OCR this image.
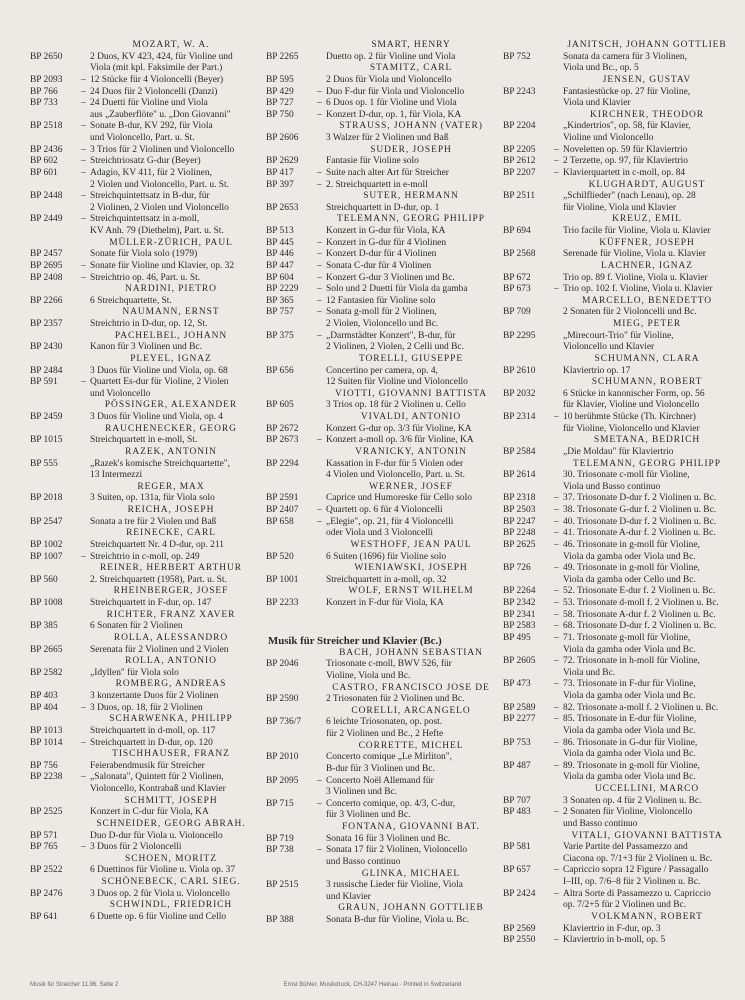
MOZART, W. A.
BP 2650	2 Duos, KV 423, 424, für Violine und
Viola (mit kpl. Faksimile der Part.)
BP 2093 – 12 Stücke für 4 Violoncelli (Beyer)
BP 766 – 24 Duos für 2 Violoncelli (Danzi)
BP 733 – 24 Duetti für Violine und Viola
aus „Zauberflöte" u. „Don Giovanni"
BP 2518 – Sonate B-dur, KV 292, für Viola
und Violoncello, Part. u. St.
BP 2436 – 3 Trios für 2 Violinen und Violoncello
BP 602 – Streichtriosatz G-dur (Beyer)
BP 601 – Adagio, KV 411, für 2 Violinen,
2 Violen und Violoncello, Part. u. St.
BP 2448 – Streichquintettsatz in B-dur, für
2 Violinen, 2 Violen und Violoncello
BP 2449 – Streichquintettsatz in a-moll,
KV Anh. 79 (Diethelm), Part. u. St.
MÜLLER-ZÜRICH, PAUL
BP 2457	Sonate für Viola solo (1979)
BP 2695 – Sonate für Violine und Klavier, op. 32
BP 2408 – Streichtrio op. 46, Part. u. St.
NARDINI, PIETRO
BP 2266	6 Streichquartette, St.
NAUMANN, ERNST
BP 2357	Streichtrio in D-dur, op. 12, St.
PACHELBEL, JOHANN
BP 2430	Kanon für 3 Violinen und Bc.
PLEYEL, IGNAZ
BP 2484	3 Duos für Violine und Viola, op. 68
BP 591 – Quartett Es-dur für Violine, 2 Violen
und Violoncello
PÖSSINGER, ALEXANDER
BP 2459	3 Duos für Violine und Viola, op. 4
RAUCHENECKER, GEORG
BP 1015	Streichquartett in e-moll, St.
RAZEK, ANTONIN
BP 555	„Razek's komische Streichquartette",
13 Intermezzi
REGER, MAX
BP 2018	3 Suiten, op. 131a, für Viola solo
REICHA, JOSEPH
BP 2547	Sonata a tre für 2 Violen und Baß
REINECKE, CARL
BP 1002	Streichquartett Nr. 4 D-dur, op. 211
BP 1007 – Streichtrio in c-moll, op. 249
REINER, HERBERT ARTHUR
BP 560	2. Streichquartett (1958), Part. u. St.
RHEINBERGER, JOSEF
BP 1008	Streichquartett in F-dur, op. 147
RICHTER, FRANZ XAVER
BP 385	6 Sonaten für 2 Violinen
ROLLA, ALESSANDRO
BP 2665	Serenata für 2 Violinen und 2 Violen
ROLLA, ANTONIO
BP 2582	„Idyllen" für Viola solo
ROMBERG, ANDREAS
BP 403	3 konzertante Duos für 2 Violinen
BP 404 – 3 Duos, op. 18, für 2 Violinen
SCHARWENKA, PHILIPP
BP 1013	Streichquartett in d-moll, op. 117
BP 1014 – Streichquartett in D-dur, op. 120
TISCHHAUSER, FRANZ
BP 756	Feierabendmusik für Streicher
BP 2238 – „Salonata", Quintett für 2 Violinen,
Violoncello, Kontrabaß und Klavier
SCHMITT, JOSEPH
BP 2525	Konzert in C-dur für Viola, KA
SCHNEIDER, GEORG ABRAH.
BP 571	Duo D-dur für Viola u. Violoncello
BP 765 – 3 Duos für 2 Violoncelli
SCHOEN, MORITZ
BP 2522	6 Duettinos für Violine u. Viola op. 37
SCHÖNEBECK, CARL SIEG.
BP 2476	3 Duos op. 2 für Viola u. Violoncello
SCHWINDL, FRIEDRICH
BP 641	6 Duette op. 6 für Violine und Cello
SMART, HENRY
BP 2265	Duetto op. 2 für Violine und Viola
STAMITZ, CARL
BP 595	2 Duos für Viola und Violoncello
BP 429 – Duo F-dur für Viola und Violoncello
BP 727 – 6 Duos op. 1 für Violine und Viola
BP 750 – Konzert D-dur, op. 1, für Viola, KA
STRAUSS, JOHANN (VATER)
BP 2606	3 Walzer für 2 Violinen und Baß
SUDER, JOSEPH
BP 2629	Fantasie für Violine solo
BP 417 – Suite nach alter Art für Streicher
BP 397 – 2. Streichquartett in e-moll
SUTER, HERMANN
BP 2653	Streichquartett in D-dur, op. 1
TELEMANN, GEORG PHILIPP
BP 513	Konzert in G-dur für Viola, KA
BP 445 – Konzert in G-dur für 4 Violinen
BP 446 – Konzert D-dur für 4 Violinen
BP 447 – Sonata C-dur für 4 Violinen
BP 604 – Konzert G-dur 3 Violinen und Bc.
BP 2229 – Solo und 2 Duetti für Viola da gamba
BP 365 – 12 Fantasien für Violine solo
BP 757 – Sonata g-moll für 2 Violinen,
2 Violen, Violoncello und Bc.
BP 375 – „Darmstädter Konzert", B-dur, für
2 Violinen, 2 Violen, 2 Celli und Bc.
TORELLI, GIUSEPPE
BP 656	Concertino per camera, op. 4,
12 Suiten für Violine und Violoncello
VIOTTI, GIOVANNI BATTISTA
BP 605	3 Trios op. 18 für 2 Violinen u. Cello
VIVALDI, ANTONIO
BP 2672	Konzert G-dur op. 3/3 für Violine, KA
BP 2673 – Konzert a-moll op. 3/6 für Violine, KA
VRANICKY, ANTONIN
BP 2294	Kassation in F-dur für 5 Violen oder
4 Violen und Violoncello, Part. u. St.
WERNER, JOSEF
BP 2591	Caprice und Humoreske für Cello solo
BP 2407 – Quartett op. 6 für 4 Violoncelli
BP 658 – „Elegie", op. 21, für 4 Violoncelli
oder Viola und 3 Violoncelli
WESTHOFF, JEAN PAUL
BP 520	6 Suiten (1696) für Violine solo
WIENIAWSKI, JOSEPH
BP 1001	Streichquartett in a-moll, op. 32
WOLF, ERNST WILHELM
BP 2233	Konzert in F-dur für Viola, KA
Musik für Streicher und Klavier (Bc.)
BACH, JOHANN SEBASTIAN
BP 2046	Triosonate c-moll, BWV 526, für
Violine, Viola und Bc.
CASTRO, FRANCISCO JOSE DE
BP 2590	2 Triosonaten für 2 Violinen und Bc.
CORELLI, ARCANGELO
BP 736/7	6 leichte Triosonaten, op. post.
für 2 Violinen und Bc., 2 Hefte
CORRETTE, MICHEL
BP 2010	Concerto comique „Le Mirliton",
B-dur für 3 Violinen und Bc.
BP 2095 – Concerto Noël Allemand für
3 Violinen und Bc.
BP 715 – Concerto comique, op. 4/3, C-dur,
für 3 Violinen und Bc.
FONTANA, GIOVANNI BAT.
BP 719	Sonata 16 für 3 Violinen und Bc.
BP 738 – Sonata 17 für 2 Violinen, Violoncello
und Basso continuo
GLINKA, MICHAEL
BP 2515	3 russische Lieder für Violine, Viola
und Klavier
GRAUN, JOHANN GOTTLIEB
BP 388	Sonata B-dur für Violine, Viola u. Bc.
JANITSCH, JOHANN GOTTLIEB
BP 752	Sonata da camera für 3 Violinen,
Viola und Bc., op. 5
JENSEN, GUSTAV
BP 2243	Fantasiestücke op. 27 für Violine,
Viola und Klavier
KIRCHNER, THEODOR
BP 2204	„Kindertrios", op. 58, für Klavier,
Violine und Violoncello
BP 2205 – Noveletten op. 59 für Klaviertrio
BP 2612 – 2 Terzette, op. 97, für Klaviertrio
BP 2207 – Klavierquartett in c-moll, op. 84
KLUGHARDT, AUGUST
BP 2511	„Schilflieder" (nach Lenau), op. 28
für Violine, Viola und Klavier
KREUZ, EMIL
BP 694	Trio facile für Violine, Viola u. Klavier
KÜFFNER, JOSEPH
BP 2568	Serenade für Violine, Viola u. Klavier
LACHNER, IGNAZ
BP 672	Trio op. 89 f. Violine, Viola u. Klavier
BP 673 – Trio op. 102 f. Violine, Viola u. Klavier
MARCELLO, BENEDETTO
BP 709	2 Sonaten für 2 Violoncelli und Bc.
MIEG, PETER
BP 2295	„Mirecourt-Trio" für Violine,
Violoncello und Klavier
SCHUMANN, CLARA
BP 2610	Klaviertrio op. 17
SCHUMANN, ROBERT
BP 2032	6 Stücke in kanonischer Form, op. 56
für Klavier, Violine und Violoncello
BP 2314 – 10 berühmte Stücke (Th. Kirchner)
für Violine, Violoncello und Klavier
SMETANA, BEDRICH
BP 2584	„Die Moldau" für Klaviertrio
TELEMANN, GEORG PHILIPP
BP 2614	30. Triosonate c-moll für Violine,
Viola und Basso continuo
BP 2318 – 37. Triosonate D-dur f. 2 Violinen u. Bc.
BP 2503 – 38. Triosonate G-dur f. 2 Violinen u. Bc.
BP 2247 – 40. Triosonate D-dur f. 2 Violinen u. Bc.
BP 2248 – 41. Triosonate A-dur f. 2 Violinen u. Bc.
BP 2625 – 46. Triosonate in g-moll für Violine,
Viola da gamba oder Viola und Bc.
BP 726 – 49. Triosonate in g-moll für Violine,
Viola da gamba oder Cello und Bc.
BP 2264 – 52. Triosonate E-dur f. 2 Violinen u. Bc.
BP 2342 – 53. Triosonate d-moll f. 2 Violinen u. Bc.
BP 2341 – 58. Triosonate A-dur f. 2 Violinen u. Bc.
BP 2583 – 68. Triosonate D-dur f. 2 Violinen u. Bc.
BP 495 – 71. Triosonate g-moll für Violine,
Viola da gamba oder Viola und Bc.
BP 2605 – 72. Triosonate in h-moll für Violine,
Viola und Bc.
BP 473 – 73. Triosonate in F-dur für Violine,
Viola da gamba oder Viola und Bc.
BP 2589 – 82. Triosonate a-moll f. 2 Violinen u. Bc.
BP 2277 – 85. Triosonate in E-dur für Violine,
Viola da gamba oder Viola und Bc.
BP 753 – 86. Triosonate in G-dur für Violine,
Viola da gamba oder Viola und Bc.
BP 487 – 89. Triosonate in g-moll für Violine,
Viola da gamba oder Viola und Bc.
UCCELLINI, MARCO
BP 707	3 Sonaten op. 4 für 2 Violinen u. Bc.
BP 483 – 2 Sonaten für Violine, Violoncello
und Basso continuo
VITALI, GIOVANNI BATTISTA
BP 581	Varie Partite del Passamezzo and
Ciacona op. 7/1+3 für 2 Violinen u. Bc.
BP 657 – Capriccio sopra 12 Figure / Passagallo
I–III, op. 7/6–8 für 2 Violinen u. Bc.
BP 2424 – Altra Sorte di Passamezzo u. Capriccio
op. 7/2+5 für 2 Violinen und Bc.
VOLKMANN, ROBERT
BP 2569	Klaviertrio in F-dur, op. 3
BP 2550 – Klaviertrio in b-moll, op. 5
Musik für Streicher 11.96. Seite 2	Ernst Bühler, Musikdruck, CH-3247 Heinau · Printed in Switzerland
